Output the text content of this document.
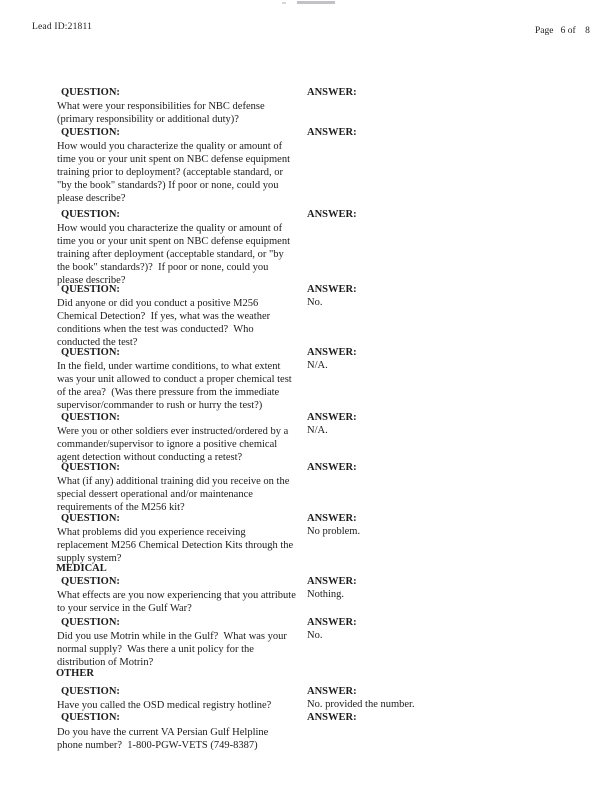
Lead ID:21811	Page   6 of    8
QUESTION:	ANSWER:
What were your responsibilities for NBC defense
(primary responsibility or additional duty)?
QUESTION:	ANSWER:
How would you characterize the quality or amount of
time you or your unit spent on NBC defense equipment
training prior to deployment? (acceptable standard, or
"by the book" standards?) If poor or none, could you
please describe?
QUESTION:	ANSWER:
How would you characterize the quality or amount of
time you or your unit spent on NBC defense equipment
training after deployment (acceptable standard, or "by
the book" standards?)?  If poor or none, could you
please describe?
QUESTION:	ANSWER:
Did anyone or did you conduct a positive M256
Chemical Detection?  If yes, what was the weather
conditions when the test was conducted?  Who
conducted the test?
No.
QUESTION:	ANSWER:
In the field, under wartime conditions, to what extent
was your unit allowed to conduct a proper chemical test
of the area?  (Was there pressure from the immediate
supervisor/commander to rush or hurry the test?)
N/A.
QUESTION:	ANSWER:
Were you or other soldiers ever instructed/ordered by a
commander/supervisor to ignore a positive chemical
agent detection without conducting a retest?
N/A.
QUESTION:	ANSWER:
What (if any) additional training did you receive on the
special dessert operational and/or maintenance
requirements of the M256 kit?
QUESTION:	ANSWER:
What problems did you experience receiving
replacement M256 Chemical Detection Kits through the
supply system?
No problem.
MEDICAL
QUESTION:	ANSWER:
What effects are you now experiencing that you attribute
to your service in the Gulf War?
Nothing.
QUESTION:	ANSWER:
Did you use Motrin while in the Gulf?  What was your
normal supply?  Was there a unit policy for the
distribution of Motrin?
No.
OTHER
QUESTION:	ANSWER:
Have you called the OSD medical registry hotline?	No. provided the number.
QUESTION:	ANSWER:
Do you have the current VA Persian Gulf Helpline
phone number?  1-800-PGW-VETS (749-8387)
